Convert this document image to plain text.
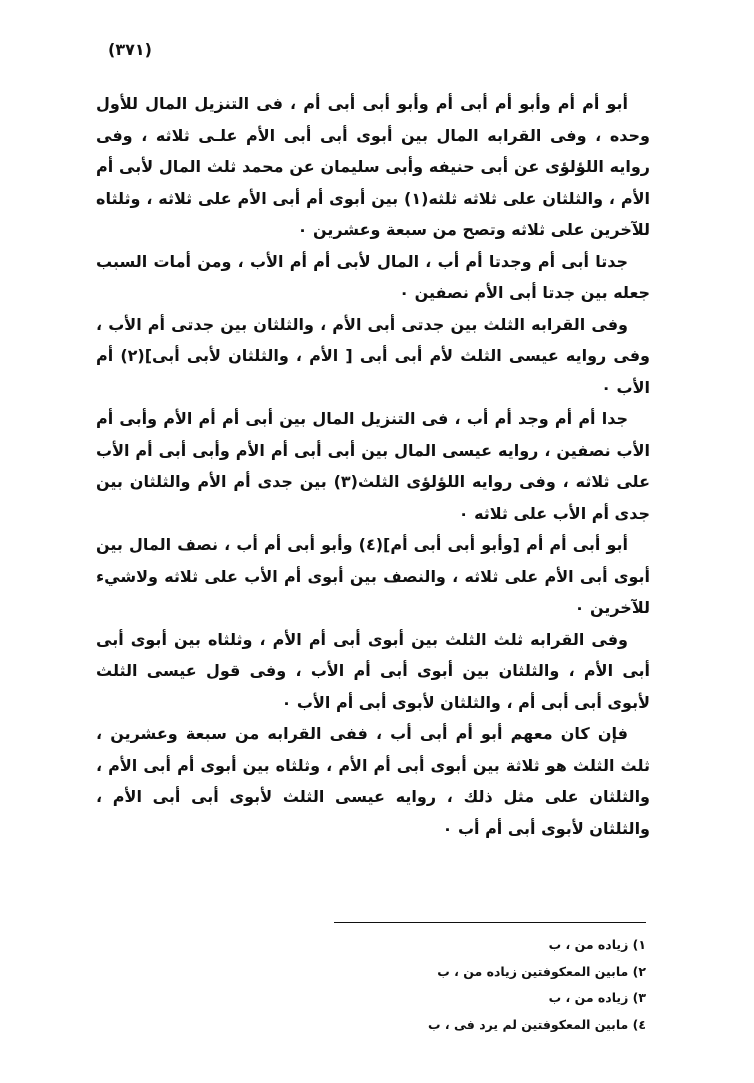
(٣٧١)

أبو أم أم وأبو أم أبى أم وأبو أبى أبى أم ، فى التنزيل المال للأول وحده ، وفى القرابه المال بين أبوى أبى أبى الأم علـى ثلاثه ، وفى روايه اللؤلؤى عن أبى حنيفه وأبى سليمان عن محمد ثلث المال لأبى أم الأم ، والثلثان على ثلاثه ثلثه(١) بين أبوى أم أبى الأم على ثلاثه ، وثلثاه للآخرين على ثلاثه وتصح من سبعة وعشرين ٠

جدتا أبى أم وجدتا أم أب ، المال لأبى أم أم الأب ، ومن أمات السبب جعله بين جدتا أبى الأم نصفين ٠

وفى القرابه الثلث بين جدتى أبى الأم ، والثلثان بين جدتى أم الأب ، وفى روايه عيسى الثلث لأم أبى أبى [ الأم ، والثلثان لأبى أبى](٢) أم الأب ٠

جدا أم أم وجد أم أب ، فى التنزيل المال بين أبى أم أم الأم وأبى أم الأب نصفين ، روايه عيسى المال بين أبى أبى أم الأم وأبى أبى أم الأب على ثلاثه ، وفى روايه اللؤلؤى الثلث(٣) بين جدى أم الأم والثلثان بين جدى أم الأب على ثلاثه ٠

أبو أبى أم أم [وأبو أبى أبى أم](٤) وأبو أبى أم أب ، نصف المال بين أبوى أبى الأم على ثلاثه ، والنصف بين أبوى أم الأب على ثلاثه ولاشيء للآخرين ٠

وفى القرابه ثلث الثلث بين أبوى أبى أم الأم ، وثلثاه بين أبوى أبى أبى الأم ، والثلثان بين أبوى أبى أم الأب ، وفى قول عيسى الثلث لأبوى أبى أبى أم ، والثلثان لأبوى أبى أم الأب ٠

فإن كان معهم أبو أم أبى أب ، ففى القرابه من سبعة وعشرين ، ثلث الثلث هو ثلاثة بين أبوى أبى أم الأم ، وثلثاه بين أبوى أم أبى الأم ، والثلثان على مثل ذلك ، روايه عيسى الثلث لأبوى أبى أبى الأم ، والثلثان لأبوى أبى أم أب ٠

١) زياده من ، ب

٢) مابين المعكوفتين زياده من ، ب

٣) زياده من ، ب

٤) مابين المعكوفتين لم يرد فى ، ب
